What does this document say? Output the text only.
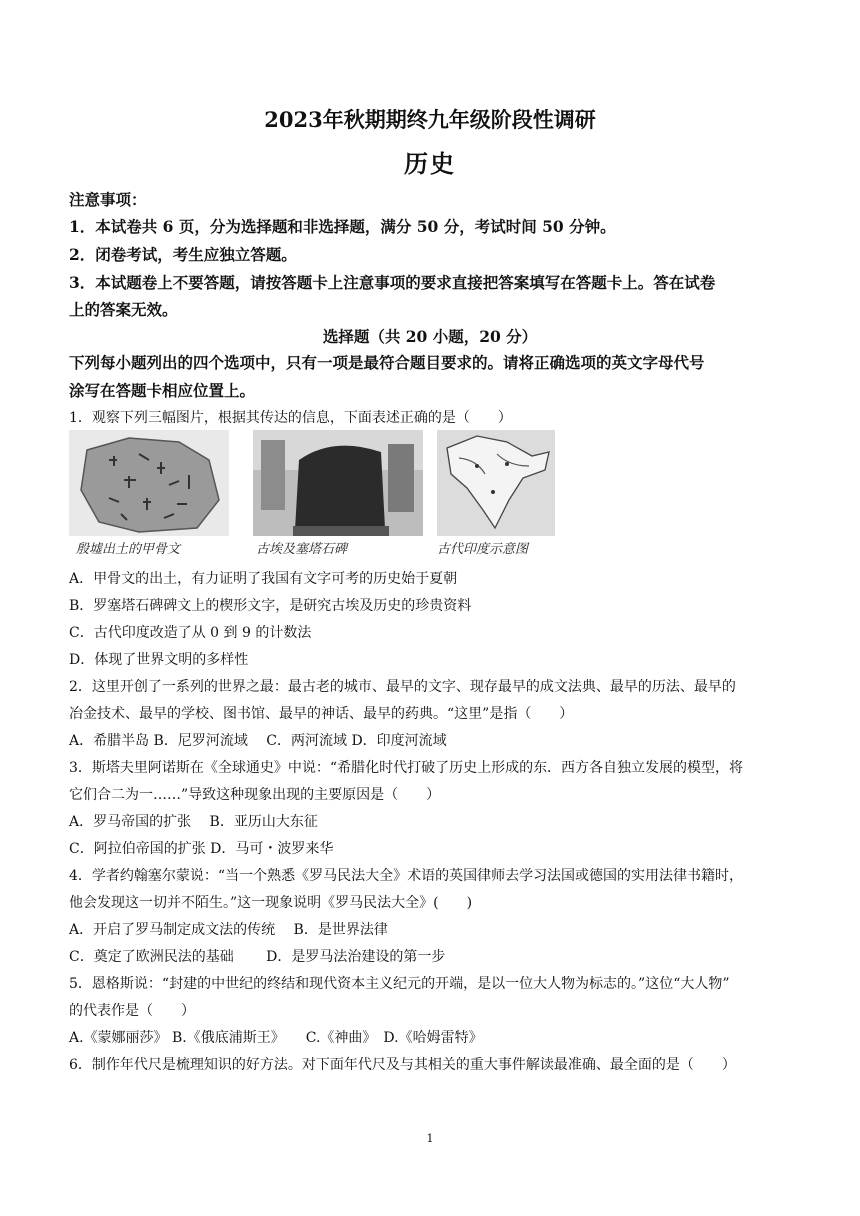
2023年秋期期终九年级阶段性调研
历史
注意事项：
1．本试卷共 6 页，分为选择题和非选择题，满分 50 分，考试时间 50 分钟。
2．闭卷考试，考生应独立答题。
3．本试题卷上不要答题，请按答题卡上注意事项的要求直接把答案填写在答题卡上。答在试卷
上的答案无效。
选择题（共 20 小题，20 分）
下列每小题列出的四个选项中，只有一项是最符合题目要求的。请将正确选项的英文字母代号
涂写在答题卡相应位置上。
1．观察下列三幅图片，根据其传达的信息，下面表述正确的是（　　）
殷墟出土的甲骨文	古埃及塞塔石碑	古代印度示意图
A．甲骨文的出土，有力证明了我国有文字可考的历史始于夏朝
B．罗塞塔石碑碑文上的楔形文字，是研究古埃及历史的珍贵资料
C．古代印度改造了从 0 到 9 的计数法
D．体现了世界文明的多样性
2．这里开创了一系列的世界之最：最古老的城市、最早的文字、现存最早的成文法典、最早的历法、最早的
冶金技术、最早的学校、图书馆、最早的神话、最早的药典。“这里”是指（　　）
A．希腊半岛 B．尼罗河流域　 C．两河流域 D．印度河流域
3．斯塔夫里阿诺斯在《全球通史》中说：“希腊化时代打破了历史上形成的东．西方各自独立发展的模型，将
它们合二为一……”导致这种现象出现的主要原因是（　　）
A．罗马帝国的扩张　 B．亚历山大东征
C．阿拉伯帝国的扩张 D．马可・波罗来华
4．学者约翰塞尔蒙说：“当一个熟悉《罗马民法大全》术语的英国律师去学习法国或德国的实用法律书籍时，
他会发现这一切并不陌生。”这一现象说明《罗马民法大全》(　　)
A．开启了罗马制定成文法的传统　 B．是世界法律
C．奠定了欧洲民法的基础　　 D．是罗马法治建设的第一步
5．恩格斯说：“封建的中世纪的终结和现代资本主义纪元的开端，是以一位大人物为标志的。”这位“大人物”
的代表作是（　　）
A.《蒙娜丽莎》 B.《俄底浦斯王》　　C.《神曲》　D.《哈姆雷特》
6．制作年代尺是梳理知识的好方法。对下面年代尺及与其相关的重大事件解读最准确、最全面的是（　　）
1
